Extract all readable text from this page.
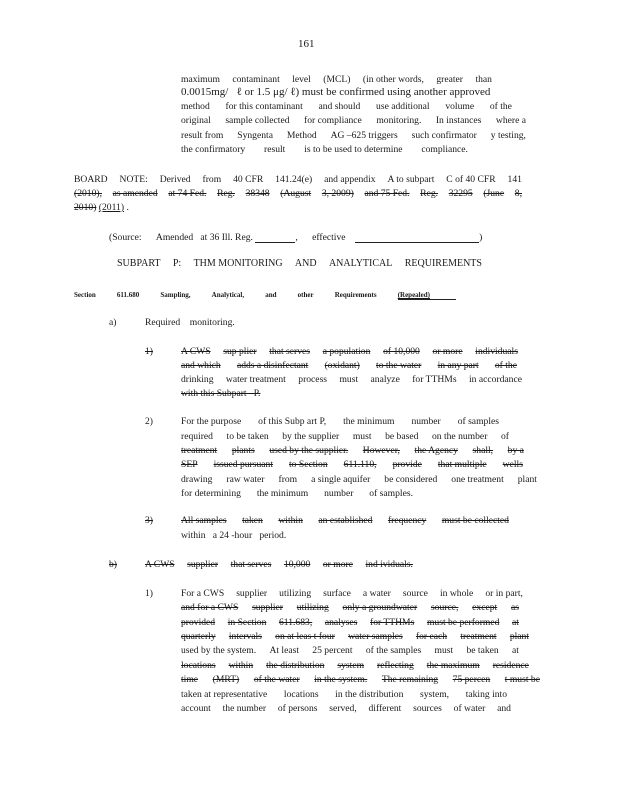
161
maximum contaminant level (MCL) (in other words, greater than
0.0015mg/   ℓ or 1.5 μg/ ℓ) must be confirmed using another approved
method for this contaminant and should use additional volume of the
original sample collected for compliance monitoring. In instances where a
result from Syngenta Method AG –625 triggers such confirmator y testing,
the confirmatory result is to be used to determine compliance.
BOARD NOTE: Derived from 40 CFR 141.24(e) and appendix A to subpart C of 40 CFR 141
(2010), as amended at 74 Fed. Reg. 38348 (August 3, 2009) and 75 Fed. Reg. 32295 (June 8,
2010)
(2011)
.
(Source:
Amended
at 36 Ill. Reg.
	,
effective
	)
SUBPART P: THM MONITORING AND ANALYTICAL REQUIREMENTS
Section	611.680	Sampling,	Analytical,	and	other	Requirements	(Repealed)
a)	Required    monitoring.
1)	A CWS sup plier that serves a population of 10,000 or more individuals
and which adds a disinfectant (oxidant) to the water in any part of the
drinking water treatment process must analyze for TTHMs in accordance
with this Subpart   P.
2)	For the purpose of this Subp art P, the minimum number of samples
required to be taken by the supplier must be based on the number of
treatment plants used by the supplier. However, the Agency shall, by a
SEP issued pursuant to Section 611.110, provide that multiple wells
drawing raw water from a single aquifer be considered one treatment plant
for determining the minimum number of samples.
3)	All samples taken within an established frequency must be collected
within   a 24 -hour   period.
b)	A CWS supplier that serves 10,000 or more ind ividuals.
1)	For a CWS supplier utilizing surface a water source in whole or in part,
and for a CWS supplier utilizing only a groundwater source, except as
provided in Section 611.683, analyses for TTHMs must be performed at
quarterly intervals on at leas t four water samples for each treatment plant
used by the system. At least 25 percent of the samples must be taken at
locations within the distribution system reflecting the maximum residence
time (MRT) of the water in the system. The remaining 75 percen t must be
taken at representative locations in the distribution system, taking into
account the number of persons served, different sources of water and
